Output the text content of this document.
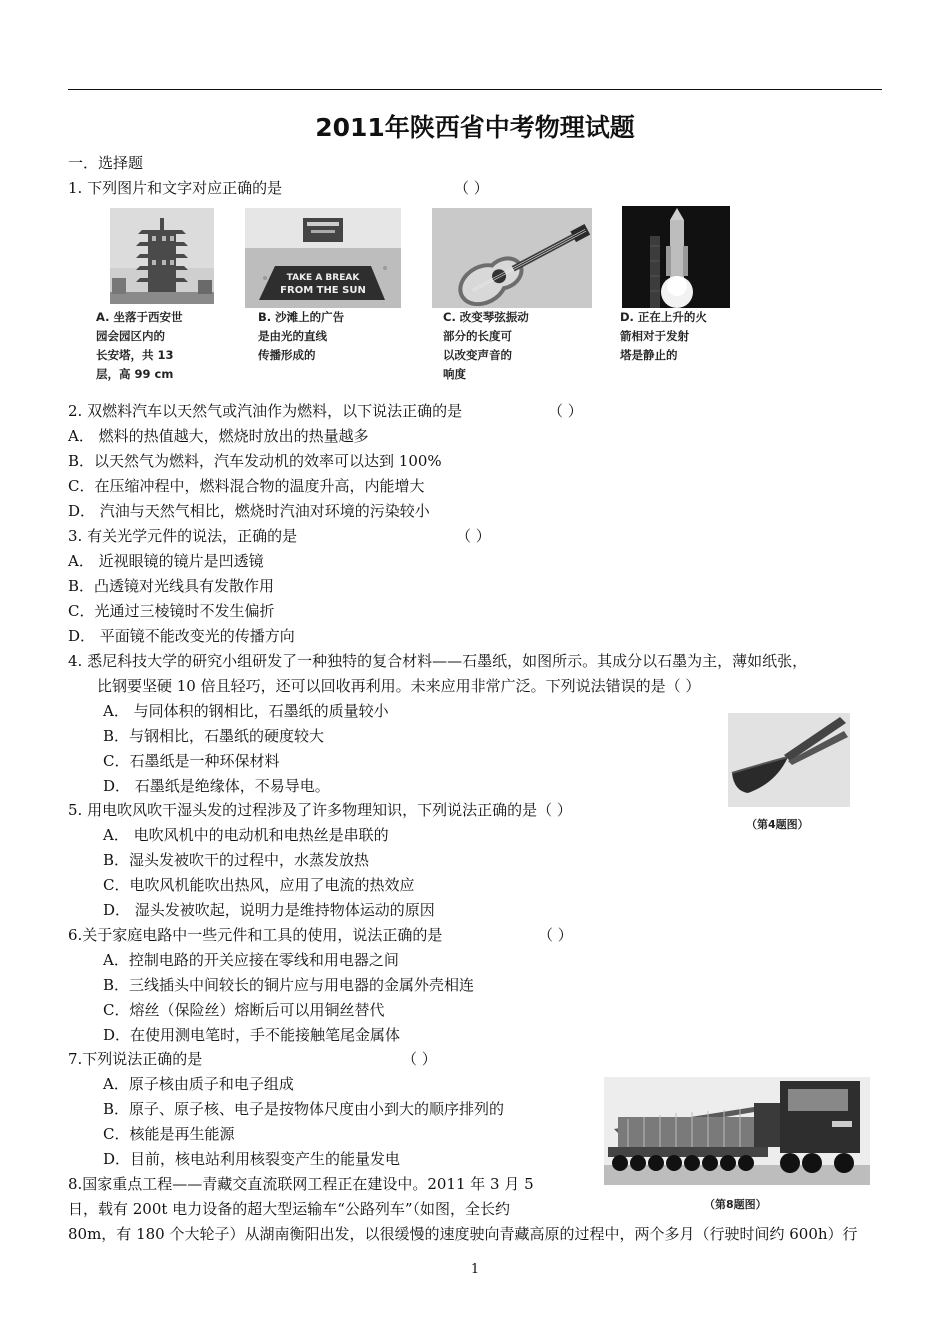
2011年陕西省中考物理试题
一．选择题
1. 下列图片和文字对应正确的是	（ ）
TAKE A BREAK
FROM THE SUN
A. 坐落于西安世
园会园区内的
长安塔，共 13
层，高 99 cm
B. 沙滩上的广告
是由光的直线
传播形成的
C. 改变琴弦振动
部分的长度可
以改变声音的
响度
D. 正在上升的火
箭相对于发射
塔是静止的
2. 双燃料汽车以天然气或汽油作为燃料，以下说法正确的是	（ ）
A． 燃料的热值越大，燃烧时放出的热量越多
B．以天然气为燃料，汽车发动机的效率可以达到 100%
C．在压缩冲程中，燃料混合物的温度升高，内能增大
D． 汽油与天然气相比，燃烧时汽油对环境的污染较小
3. 有关光学元件的说法，正确的是	（ ）
A． 近视眼镜的镜片是凹透镜
B．凸透镜对光线具有发散作用
C．光通过三棱镜时不发生偏折
D． 平面镜不能改变光的传播方向
4. 悉尼科技大学的研究小组研发了一种独特的复合材料——石墨纸，如图所示。其成分以石墨为主，薄如纸张，
比钢要坚硬 10 倍且轻巧，还可以回收再利用。未来应用非常广泛。下列说法错误的是（ ）
A． 与同体积的钢相比，石墨纸的质量较小
B．与钢相比，石墨纸的硬度较大
C．石墨纸是一种环保材料
D． 石墨纸是绝缘体，不易导电。
（第4题图）
5. 用电吹风吹干湿头发的过程涉及了许多物理知识，下列说法正确的是（ ）
A． 电吹风机中的电动机和电热丝是串联的
B．湿头发被吹干的过程中，水蒸发放热
C．电吹风机能吹出热风，应用了电流的热效应
D． 湿头发被吹起，说明力是维持物体运动的原因
6.关于家庭电路中一些元件和工具的使用，说法正确的是	（ ）
A．控制电路的开关应接在零线和用电器之间
B．三线插头中间较长的铜片应与用电器的金属外壳相连
C．熔丝（保险丝）熔断后可以用铜丝替代
D．在使用测电笔时，手不能接触笔尾金属体
7.下列说法正确的是	（ ）
A．原子核由质子和电子组成
B．原子、原子核、电子是按物体尺度由小到大的顺序排列的
C．核能是再生能源
D．目前，核电站利用核裂变产生的能量发电
（第8题图）
8.国家重点工程——青藏交直流联网工程正在建设中。2011 年 3 月 5
日，载有 200t 电力设备的超大型运输车“公路列车”（如图，全长约
80m，有 180 个大轮子）从湖南衡阳出发，以很缓慢的速度驶向青藏高原的过程中，两个多月（行驶时间约 600h）行
1
